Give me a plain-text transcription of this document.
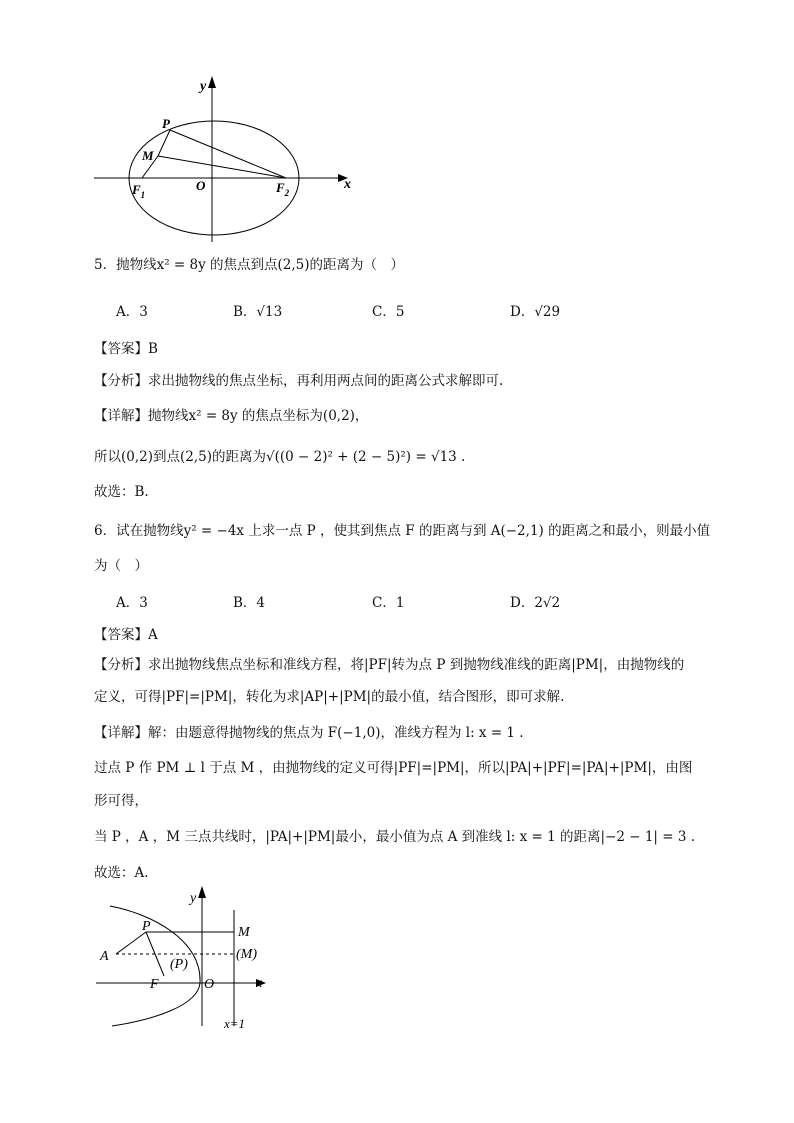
y
x
P
M
O
$F_1$	$F_2$
5．抛物线x² = 8y 的焦点到点(2,5)的距离为（　）
A．3	B．√13	C．5	D．√29
【答案】B
【分析】求出抛物线的焦点坐标，再利用两点间的距离公式求解即可.
【详解】抛物线x² = 8y 的焦点坐标为(0,2)，
所以(0,2)到点(2,5)的距离为√((0 − 2)² + (2 − 5)²) = √13 .
故选：B.
6．试在抛物线y² = −4x 上求一点 P ，使其到焦点 F 的距离与到 A(−2,1) 的距离之和最小，则最小值
为（　）
A．3	B．4	C．1	D．2√2
【答案】A
【分析】求出抛物线焦点坐标和准线方程，将|PF|转为点 P 到抛物线准线的距离|PM|，由抛物线的
定义，可得|PF|=|PM|，转化为求|AP|+|PM|的最小值，结合图形，即可求解.
【详解】解：由题意得抛物线的焦点为 F(−1,0)，准线方程为 l: x = 1 .
过点 P 作 PM ⊥ l 于点 M ，由抛物线的定义可得|PF|=|PM|，所以|PA|+|PF|=|PA|+|PM|，由图
形可得，
当 P ，A ，M 三点共线时，|PA|+|PM|最小，最小值为点 A 到准线 l: x = 1 的距离|−2 − 1| = 3 .
故选：A.
y
x
P	M
(M)
(P)
A
F	O
x=1
